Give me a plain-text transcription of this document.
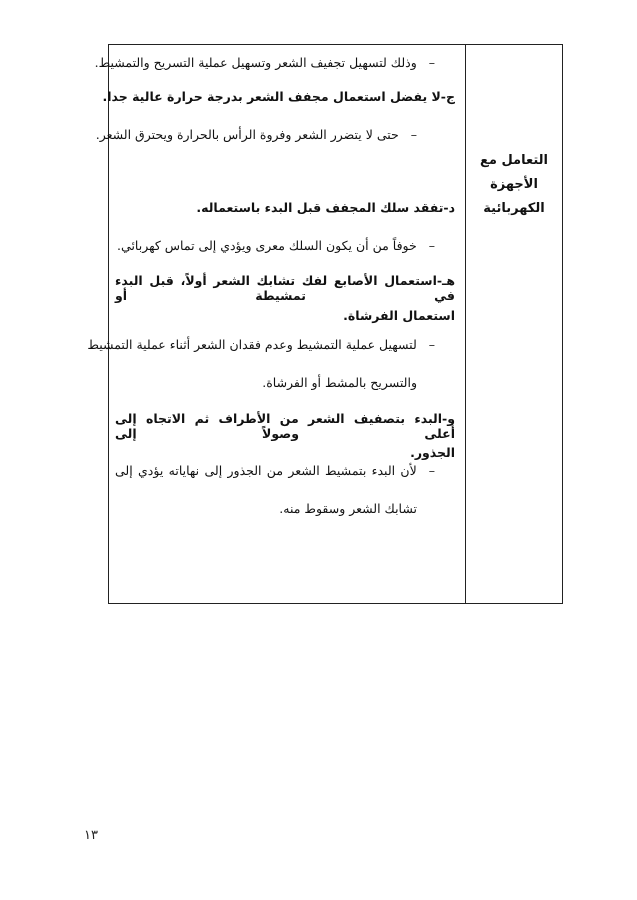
التعامل مع الأجهزة الكهربائية
–وذلك لتسهيل تجفيف الشعر وتسهيل عملية التسريح والتمشيط.
ج-لا يفضل استعمال مجفف الشعر بدرجة حرارة عالية جدا.
–حتى لا يتضرر الشعر وفروة الرأس بالحرارة ويحترق الشعر.
د-تفقد سلك المجفف قبل البدء باستعماله.
–خوفاً من أن يكون السلك معرى ويؤدي إلى تماس كهربائي.
هـ-استعمال الأصابع لفك تشابك الشعر أولاً، قبل البدء في تمشيطة أو
استعمال الفرشاة.
–لتسهيل عملية التمشيط وعدم فقدان الشعر أثناء عملية التمشيط
والتسريح بالمشط أو الفرشاة.
و-البدء بتصفيف الشعر من الأطراف ثم الاتجاه إلى أعلى وصولاً إلى
الجذور.
–لأن البدء بتمشيط الشعر من الجذور إلى نهاياته يؤدي إلى
تشابك الشعر وسقوط منه.
١٣
